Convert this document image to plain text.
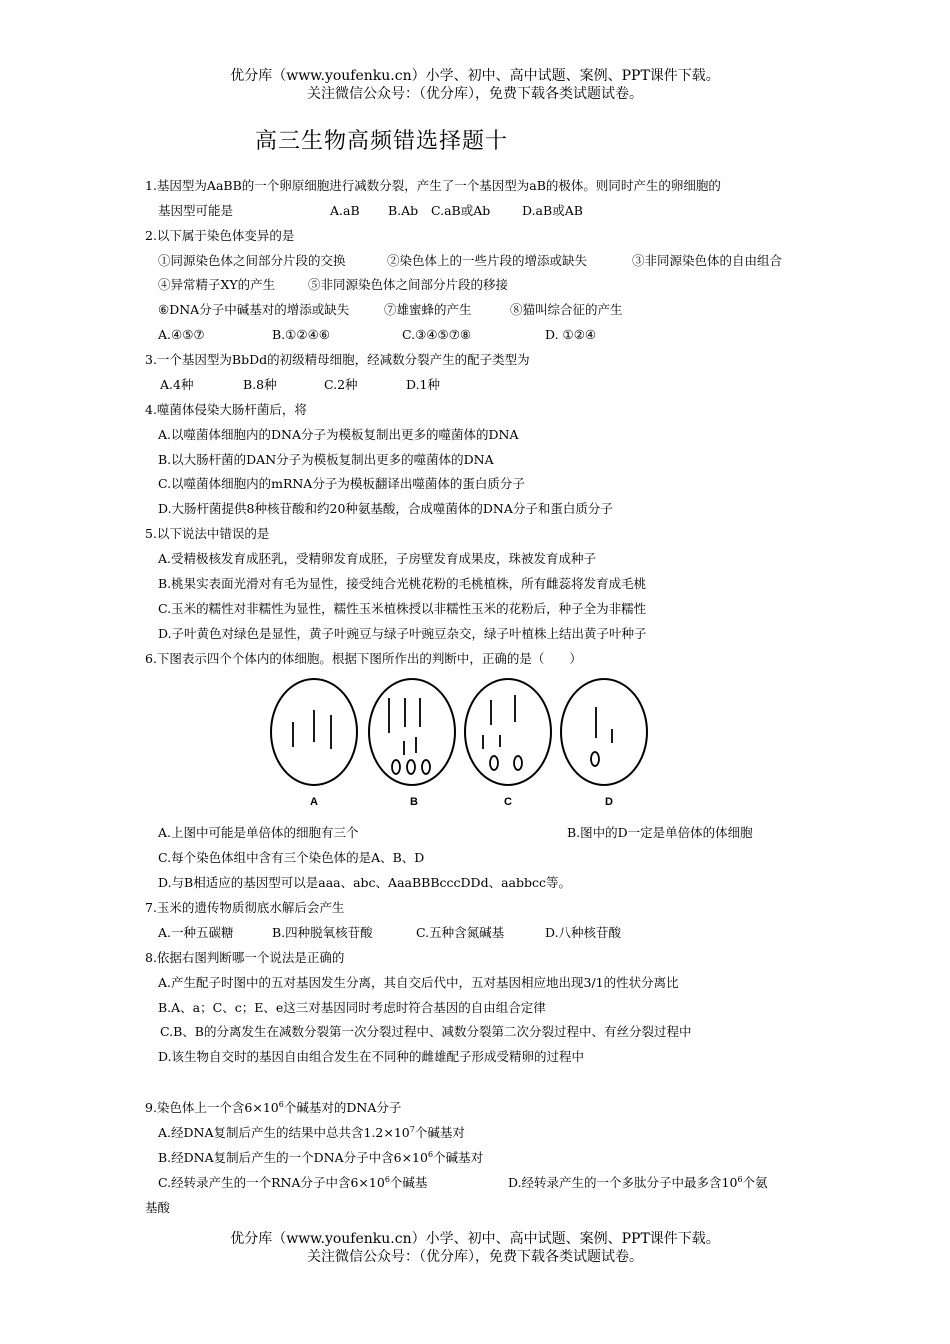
优分库（www.youfenku.cn）小学、初中、高中试题、案例、PPT课件下载。
关注微信公众号：（优分库），免费下载各类试题试卷。
高三生物高频错选择题十
1.基因型为AaBB的一个卵原细胞进行减数分裂，产生了一个基因型为aB的极体。则同时产生的卵细胞的
基因型可能是	A.aB B.Ab C.aB或Ab	D.aB或AB
2.以下属于染色体变异的是
①同源染色体之间部分片段的交换	②染色体上的一些片段的增添或缺失	③非同源染色体的自由组合
④异常精子XY的产生	⑤非同源染色体之间部分片段的移接
⑥DNA分子中碱基对的增添或缺失	⑦雄蜜蜂的产生	⑧猫叫综合征的产生
A.④⑤⑦	B.①②④⑥	C.③④⑤⑦⑧	D. ①②④
3.一个基因型为BbDd的初级精母细胞，经减数分裂产生的配子类型为
A.4种	B.8种	C.2种	D.1种
4.噬菌体侵染大肠杆菌后，将
A.以噬菌体细胞内的DNA分子为模板复制出更多的噬菌体的DNA
B.以大肠杆菌的DAN分子为模板复制出更多的噬菌体的DNA
C.以噬菌体细胞内的mRNA分子为模板翻译出噬菌体的蛋白质分子
D.大肠杆菌提供8种核苷酸和约20种氨基酸，合成噬菌体的DNA分子和蛋白质分子
5.以下说法中错误的是
A.受精极核发育成胚乳，受精卵发育成胚，子房壁发育成果皮，珠被发育成种子
B.桃果实表面光滑对有毛为显性，接受纯合光桃花粉的毛桃植株，所有雌蕊将发育成毛桃
C.玉米的糯性对非糯性为显性，糯性玉米植株授以非糯性玉米的花粉后，种子全为非糯性
D.子叶黄色对绿色是显性，黄子叶豌豆与绿子叶豌豆杂交，绿子叶植株上结出黄子叶种子
6.下图表示四个个体内的体细胞。根据下图所作出的判断中，正确的是（　　）
A	B	C	D
A.上图中可能是单倍体的细胞有三个	B.图中的D一定是单倍体的体细胞
C.每个染色体组中含有三个染色体的是A、B、D
D.与B相适应的基因型可以是aaa、abc、AaaBBBcccDDd、aabbcc等。
7.玉米的遗传物质彻底水解后会产生
A.一种五碳糖	B.四种脱氧核苷酸	C.五种含氮碱基	D.八种核苷酸
8.依据右图判断哪一个说法是正确的
A.产生配子时图中的五对基因发生分离，其自交后代中，五对基因相应地出现3/1的性状分离比
B.A、a；C、c；E、e这三对基因同时考虑时符合基因的自由组合定律
C.B、B的分离发生在减数分裂第一次分裂过程中、减数分裂第二次分裂过程中、有丝分裂过程中
D.该生物自交时的基因自由组合发生在不同种的雌雄配子形成受精卵的过程中
9.染色体上一个含$6\times 10^6$个碱基对的DNA分子
A.经DNA复制后产生的结果中总共含$1.2\times 10^7$个碱基对
B.经DNA复制后产生的一个DNA分子中含$6\times 10^6$个碱基对
C.经转录产生的一个RNA分子中含$6\times 10^6$个碱基	D.经转录产生的一个多肽分子中最多含$10^6$个氨
基酸
优分库（www.youfenku.cn）小学、初中、高中试题、案例、PPT课件下载。
关注微信公众号：（优分库），免费下载各类试题试卷。
